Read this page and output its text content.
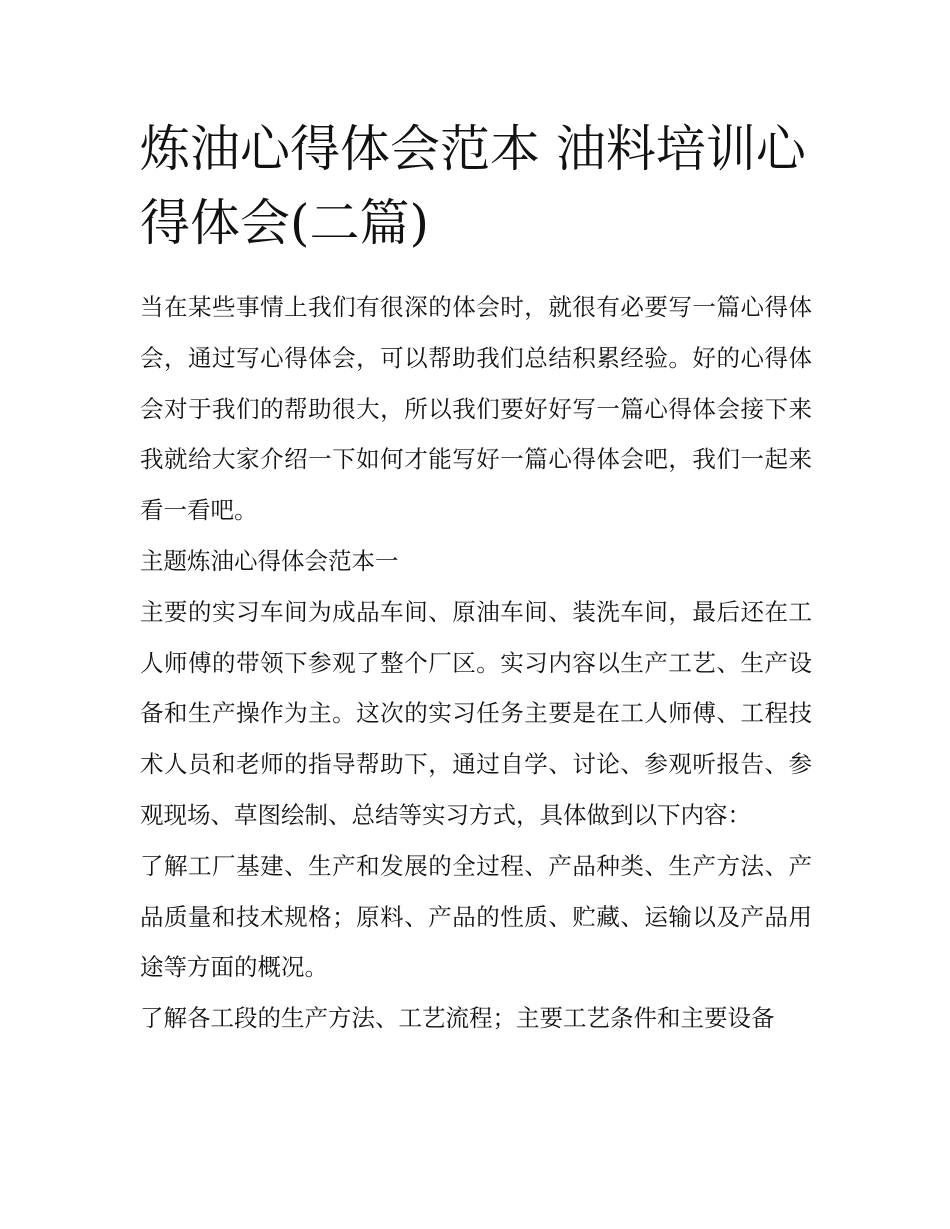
炼油心得体会范本 油料培训心得体会(二篇)

当在某些事情上我们有很深的体会时，就很有必要写一篇心得体会，通过写心得体会，可以帮助我们总结积累经验。好的心得体会对于我们的帮助很大，所以我们要好好写一篇心得体会接下来我就给大家介绍一下如何才能写好一篇心得体会吧，我们一起来看一看吧。

主题炼油心得体会范本一

主要的实习车间为成品车间、原油车间、装洗车间，最后还在工人师傅的带领下参观了整个厂区。实习内容以生产工艺、生产设备和生产操作为主。这次的实习任务主要是在工人师傅、工程技术人员和老师的指导帮助下，通过自学、讨论、参观听报告、参观现场、草图绘制、总结等实习方式，具体做到以下内容：

了解工厂基建、生产和发展的全过程、产品种类、生产方法、产品质量和技术规格；原料、产品的性质、贮藏、运输以及产品用途等方面的概况。

了解各工段的生产方法、工艺流程；主要工艺条件和主要设备
